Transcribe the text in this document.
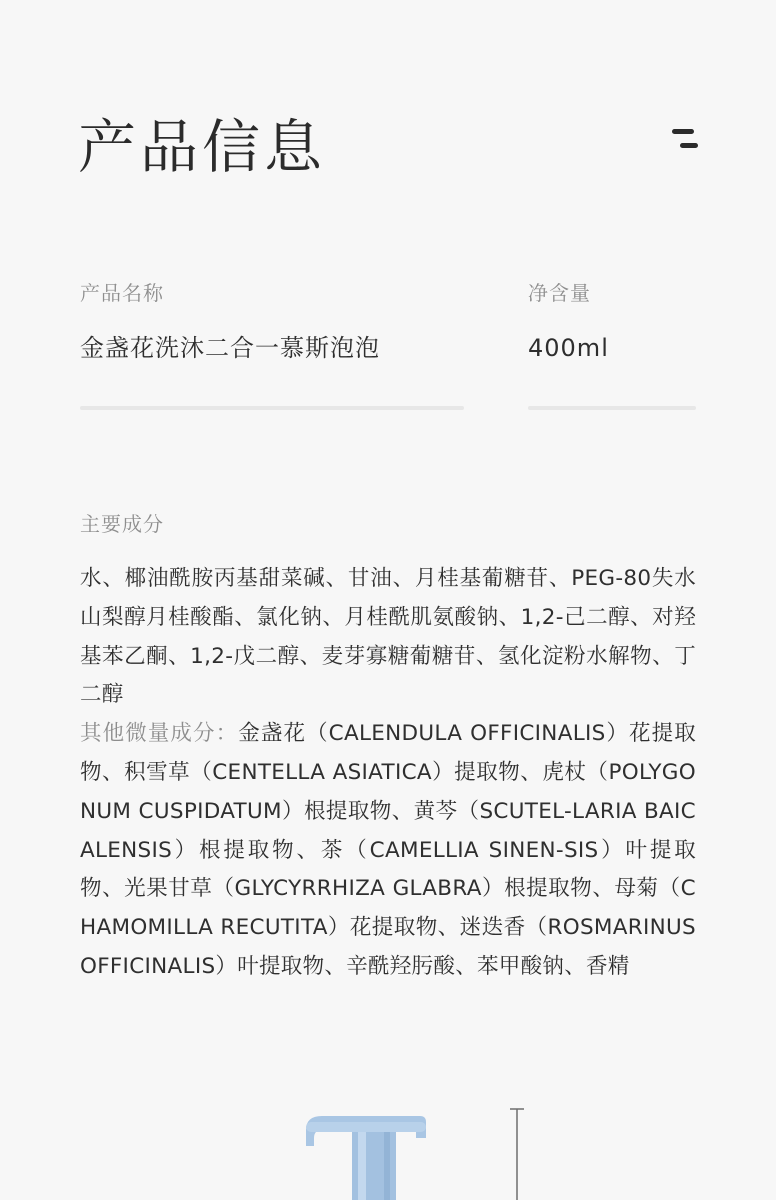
产品信息
产品名称
金盏花洗沐二合一慕斯泡泡
净含量
400ml
主要成分

水、椰油酰胺丙基甜菜碱、甘油、月桂基葡糖苷、PEG-80失水山梨醇月桂酸酯、氯化钠、月桂酰肌氨酸钠、1,2-己二醇、对羟基苯乙酮、1,2-戊二醇、麦芽寡糖葡糖苷、氢化淀粉水解物、丁二醇
其他微量成分：金盏花（CALENDULA OFFICINALIS）花提取物、积雪草（CENTELLA ASIATICA）提取物、虎杖（POLYGONUM CUSPIDATUM）根提取物、黄芩（SCUTEL-LARIA BAICALENSIS）根提取物、茶（CAMELLIA SINEN-SIS）叶提取物、光果甘草（GLYCYRRHIZA GLABRA）根提取物、母菊（CHAMOMILLA RECUTITA）花提取物、迷迭香（ROSMARINUS OFFICINALIS）叶提取物、辛酰羟肟酸、苯甲酸钠、香精
